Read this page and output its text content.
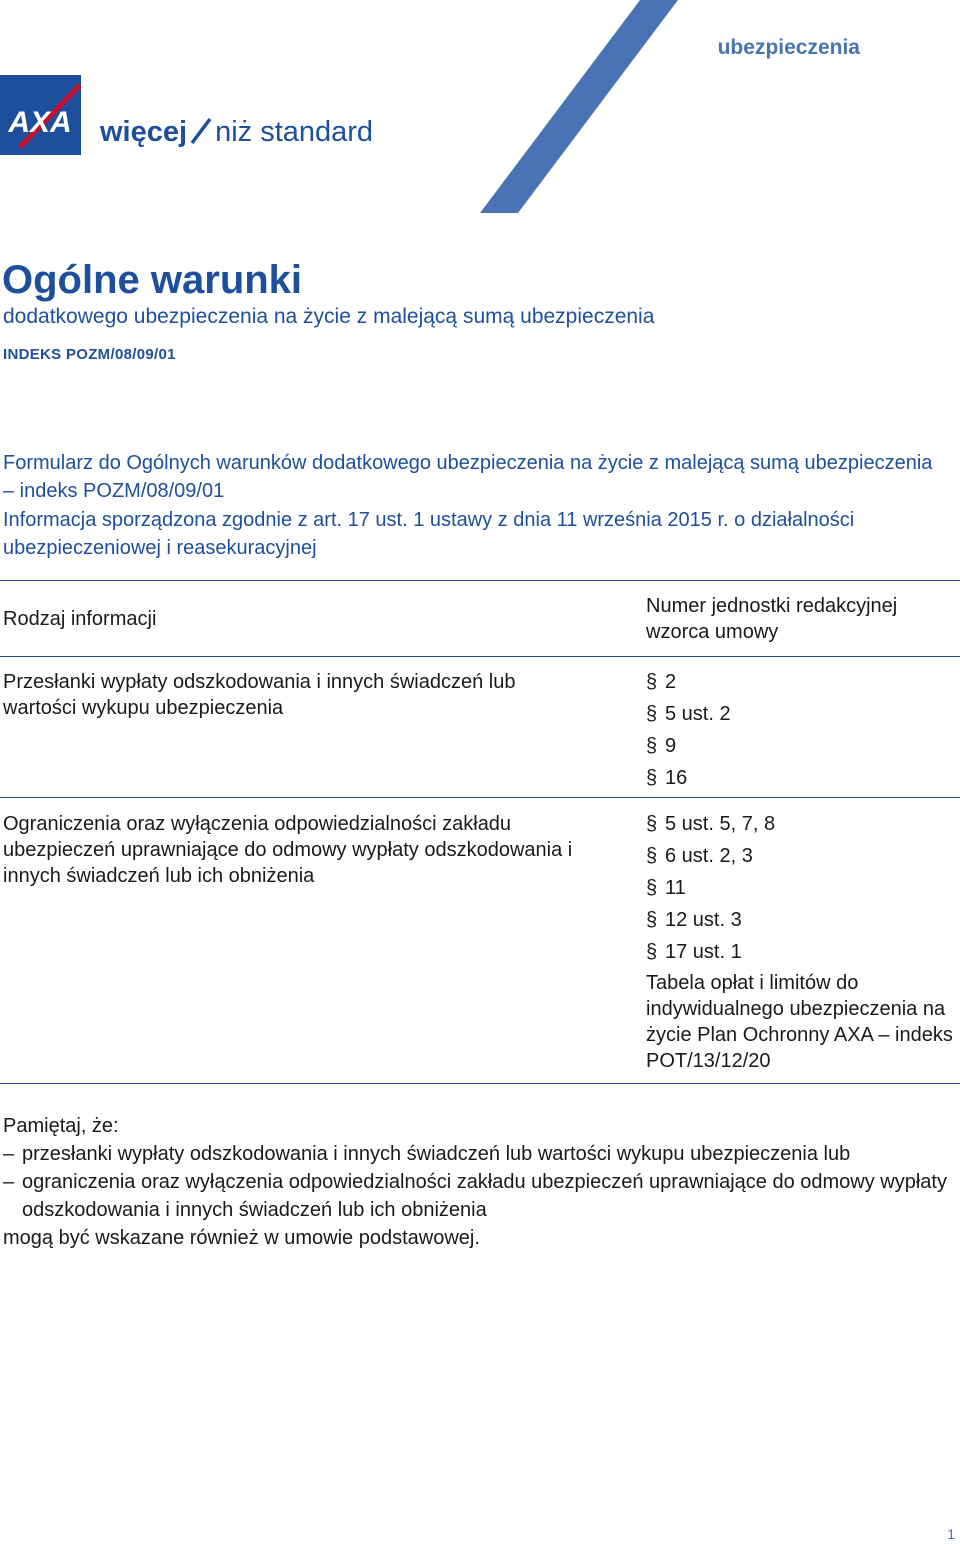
ubezpieczenia
AXA więcej niż standard
Ogólne warunki
dodatkowego ubezpieczenia na życie z malejącą sumą ubezpieczenia
INDEKS POZM/08/09/01
Formularz do Ogólnych warunków dodatkowego ubezpieczenia na życie z malejącą sumą ubezpieczenia – indeks POZM/08/09/01
Informacja sporządzona zgodnie z art. 17 ust. 1 ustawy z dnia 11 września 2015 r. o działalności ubezpieczeniowej i reasekuracyjnej
Rodzaj informacji
Numer jednostki redakcyjnej wzorca umowy
Przesłanki wypłaty odszkodowania i innych świadczeń lub wartości wykupu ubezpieczenia
§ 2
§ 5 ust. 2
§ 9
§ 16
Ograniczenia oraz wyłączenia odpowiedzialności zakładu ubezpieczeń uprawniające do odmowy wypłaty odszkodowania i innych świadczeń lub ich obniżenia
§ 5 ust. 5, 7, 8
§ 6 ust. 2, 3
§ 11
§ 12 ust. 3
§ 17 ust. 1
Tabela opłat i limitów do indywidualnego ubezpieczenia na życie Plan Ochronny AXA – indeks POT/13/12/20
Pamiętaj, że:
– przesłanki wypłaty odszkodowania i innych świadczeń lub wartości wykupu ubezpieczenia lub
– ograniczenia oraz wyłączenia odpowiedzialności zakładu ubezpieczeń uprawniające do odmowy wypłaty odszkodowania i innych świadczeń lub ich obniżenia
mogą być wskazane również w umowie podstawowej.
1
